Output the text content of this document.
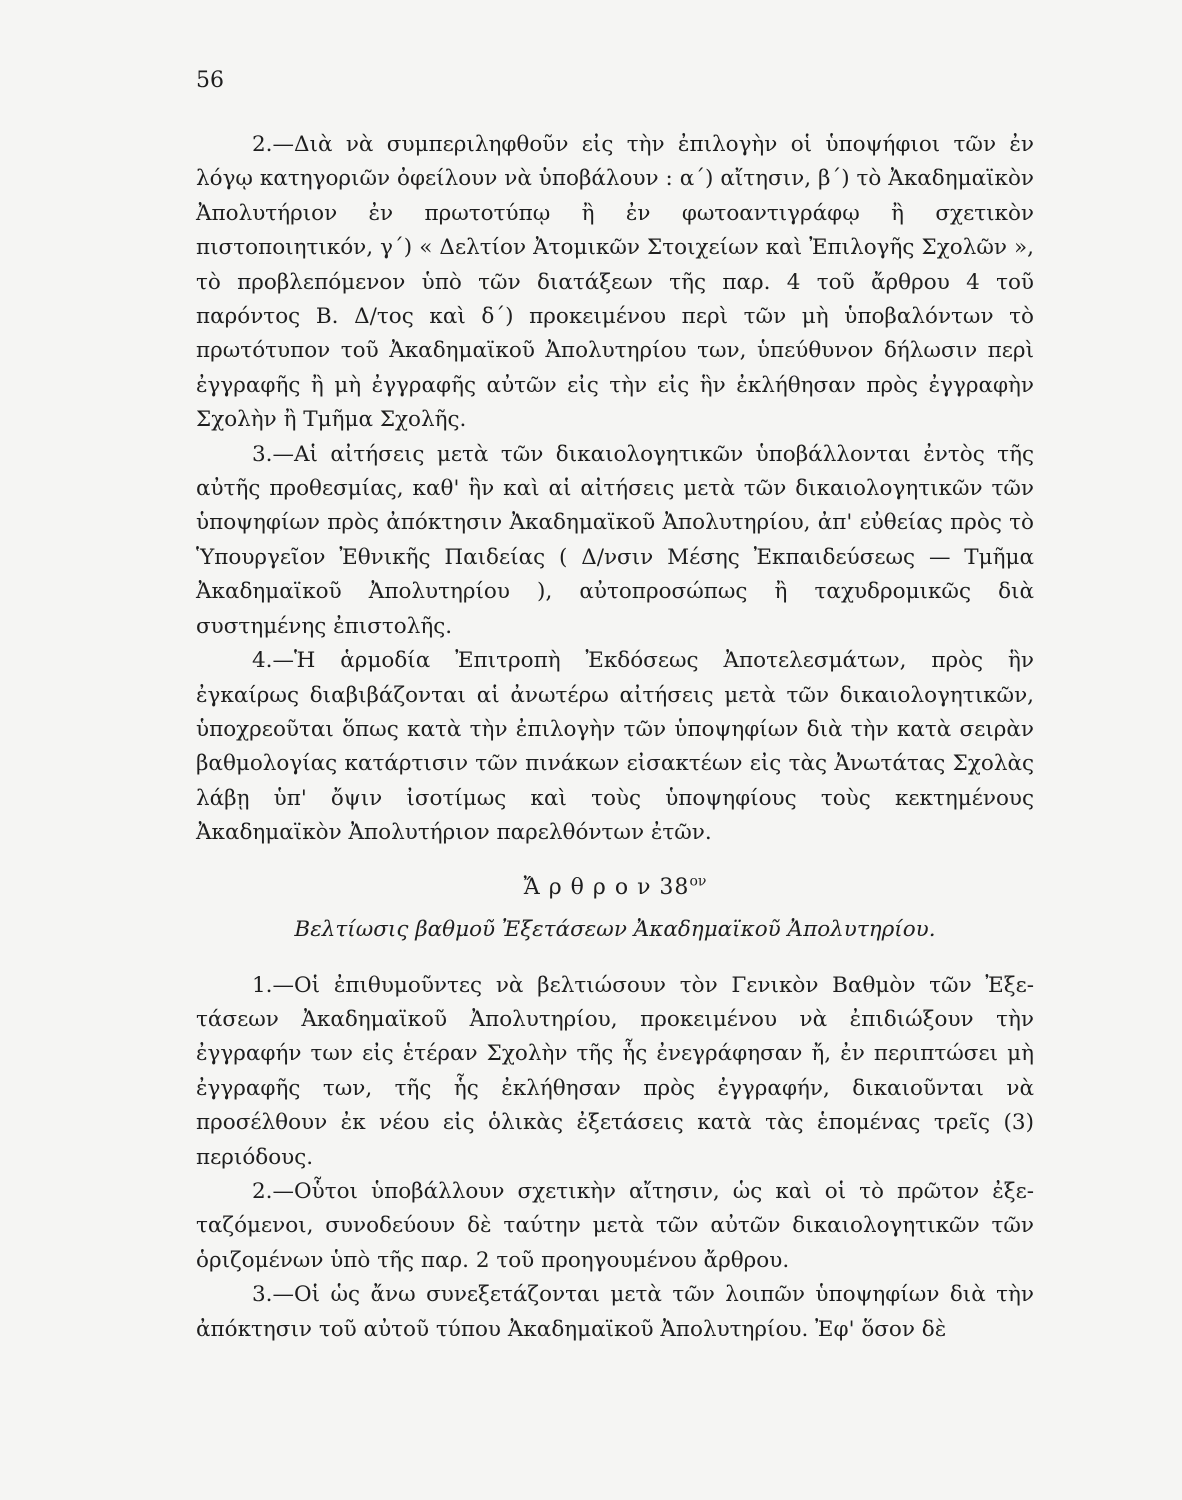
56

2.—Διὰ νὰ συμπεριληφθοῦν εἰς τὴν ἐπιλογὴν οἱ ὑποψήφιοι τῶν ἐν λόγῳ κατηγοριῶν ὀφείλουν νὰ ὑποβάλουν : α΄) αἴτησιν, β΄) τὸ Ἀκαδημαϊκὸν Ἀπολυτήριον ἐν πρωτοτύπῳ ἢ ἐν φωτοαντιγράφῳ ἢ σχετικὸν πιστοποιητικόν, γ΄) « Δελτίον Ἀτομικῶν Στοιχείων καὶ Ἐπιλογῆς Σχολῶν », τὸ προβλεπόμενον ὑπὸ τῶν διατάξεων τῆς παρ. 4 τοῦ ἄρθρου 4 τοῦ παρόντος Β. Δ/τος καὶ δ΄) προκειμένου περὶ τῶν μὴ ὑποβαλόντων τὸ πρωτότυπον τοῦ Ἀκαδημαϊκοῦ Ἀπολυτηρίου των, ὑπεύθυνον δήλωσιν περὶ ἐγγραφῆς ἢ μὴ ἐγγραφῆς αὐτῶν εἰς τὴν εἰς ἣν ἐκλήθησαν πρὸς ἐγγραφὴν Σχολὴν ἢ Τμῆμα Σχολῆς.

3.—Αἱ αἰτήσεις μετὰ τῶν δικαιολογητικῶν ὑποβάλλονται ἐντὸς τῆς αὐτῆς προθεσμίας, καθ' ἣν καὶ αἱ αἰτήσεις μετὰ τῶν δικαιολογητικῶν τῶν ὑποψηφίων πρὸς ἀπόκτησιν Ἀκαδημαϊκοῦ Ἀπολυτηρίου, ἀπ' εὐθείας πρὸς τὸ Ὑπουργεῖον Ἐθνικῆς Παιδείας ( Δ/νσιν Μέσης Ἐκπαιδεύσεως — Τμῆμα Ἀκαδημαϊκοῦ Ἀπολυτηρίου ), αὐτοπροσώπως ἢ ταχυδρομικῶς διὰ συστημένης ἐπιστολῆς.

4.—Ἡ ἁρμοδία Ἐπιτροπὴ Ἐκδόσεως Ἀποτελεσμάτων, πρὸς ἣν ἐγκαίρως διαβιβάζονται αἱ ἀνωτέρω αἰτήσεις μετὰ τῶν δικαιολογητικῶν, ὑποχρεοῦται ὅπως κατὰ τὴν ἐπιλογὴν τῶν ὑποψηφίων διὰ τὴν κατὰ σειρὰν βαθμολογίας κατάρτισιν τῶν πινάκων εἰσακτέων εἰς τὰς Ἀνωτάτας Σχολὰς λάβῃ ὑπ' ὄψιν ἰσοτίμως καὶ τοὺς ὑποψηφίους τοὺς κεκτημένους Ἀκαδημαϊκὸν Ἀπολυτήριον παρελθόντων ἐτῶν.

Ἄ ρ θ ρ ο ν $38^{o\nu}$
Βελτίωσις βαθμοῦ Ἐξετάσεων Ἀκαδημαϊκοῦ Ἀπολυτηρίου.

1.—Οἱ ἐπιθυμοῦντες νὰ βελτιώσουν τὸν Γενικὸν Βαθμὸν τῶν Ἐξετάσεων Ἀκαδημαϊκοῦ Ἀπολυτηρίου, προκειμένου νὰ ἐπιδιώξουν τὴν ἐγγραφήν των εἰς ἑτέραν Σχολὴν τῆς ἧς ἐνεγράφησαν ἤ, ἐν περιπτώσει μὴ ἐγγραφῆς των, τῆς ἧς ἐκλήθησαν πρὸς ἐγγραφήν, δικαιοῦνται νὰ προσέλθουν ἐκ νέου εἰς ὁλικὰς ἐξετάσεις κατὰ τὰς ἑπομένας τρεῖς (3) περιόδους.

2.—Οὗτοι ὑποβάλλουν σχετικὴν αἴτησιν, ὡς καὶ οἱ τὸ πρῶτον ἐξεταζόμενοι, συνοδεύουν δὲ ταύτην μετὰ τῶν αὐτῶν δικαιολογητικῶν τῶν ὁριζομένων ὑπὸ τῆς παρ. 2 τοῦ προηγουμένου ἄρθρου.

3.—Οἱ ὡς ἄνω συνεξετάζονται μετὰ τῶν λοιπῶν ὑποψηφίων διὰ τὴν ἀπόκτησιν τοῦ αὐτοῦ τύπου Ἀκαδημαϊκοῦ Ἀπολυτηρίου. Ἐφ' ὅσον δὲ
